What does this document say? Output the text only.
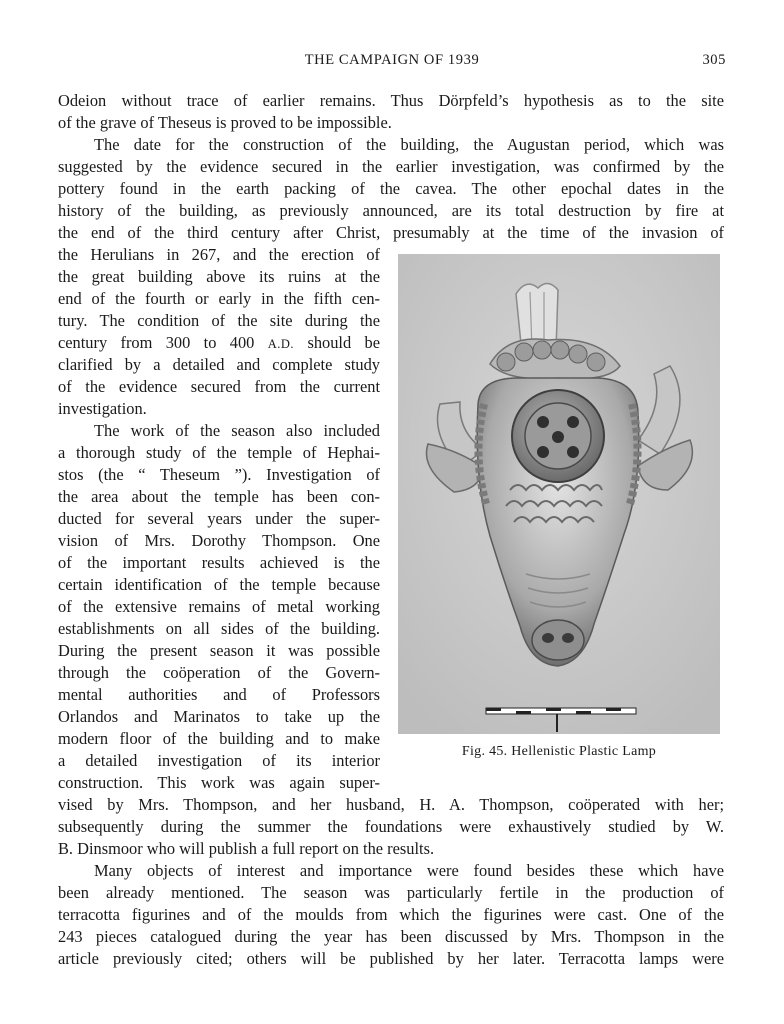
THE CAMPAIGN OF 1939	305
Odeion without trace of earlier remains. Thus Dörpfeld’s hypothesis as to the site
of the grave of Theseus is proved to be impossible.
The date for the construction of the building, the Augustan period, which was
suggested by the evidence secured in the earlier investigation, was confirmed by the
pottery found in the earth packing of the cavea. The other epochal dates in the
history of the building, as previously announced, are its total destruction by fire at
the end of the third century after Christ, presumably at the time of the invasion of
the Herulians in 267, and the erection of
the great building above its ruins at the
end of the fourth or early in the fifth cen-
tury. The condition of the site during the
century from 300 to 400 A.D. should be
clarified by a detailed and complete study
of the evidence secured from the current
investigation.
The work of the season also included
a thorough study of the temple of Hephai-
stos (the “ Theseum ”). Investigation of
the area about the temple has been con-
ducted for several years under the super-
vision of Mrs. Dorothy Thompson. One
of the important results achieved is the
certain identification of the temple because
of the extensive remains of metal working
establishments on all sides of the building.
During the present season it was possible
through the coöperation of the Govern-
mental authorities and of Professors
Orlandos and Marinatos to take up the
modern floor of the building and to make
a detailed investigation of its interior
construction. This work was again super-
vised by Mrs. Thompson, and her husband, H. A. Thompson, coöperated with her;
subsequently during the summer the foundations were exhaustively studied by W.
B. Dinsmoor who will publish a full report on the results.
Many objects of interest and importance were found besides these which have
been already mentioned. The season was particularly fertile in the production of
terracotta figurines and of the moulds from which the figurines were cast. One of the
243 pieces catalogued during the year has been discussed by Mrs. Thompson in the
article previously cited; others will be published by her later. Terracotta lamps were
Fig. 45. Hellenistic Plastic Lamp
